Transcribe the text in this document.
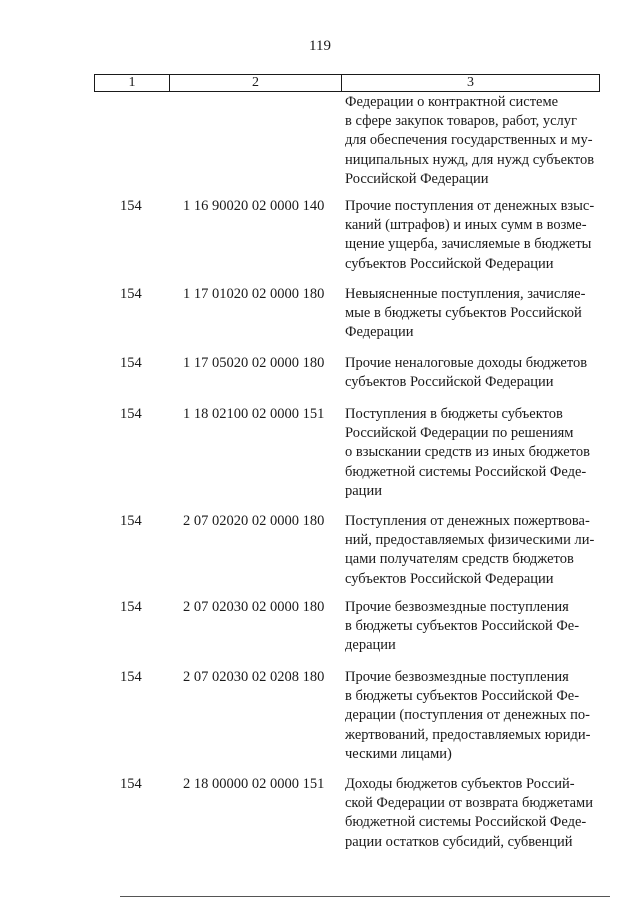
119
1	2	3
Федерации о контрактной системе
в сфере закупок товаров, работ, услуг
для обеспечения государственных и му-
ниципальных нужд, для нужд субъектов
Российской Федерации
154	1 16 90020 02 0000 140	Прочие поступления от денежных взыс-
каний (штрафов) и иных сумм в возме-
щение ущерба, зачисляемые в бюджеты
субъектов Российской Федерации
154	1 17 01020 02 0000 180	Невыясненные поступления, зачисляе-
мые в бюджеты субъектов Российской
Федерации
154	1 17 05020 02 0000 180	Прочие неналоговые доходы бюджетов
субъектов Российской Федерации
154	1 18 02100 02 0000 151	Поступления в бюджеты субъектов
Российской Федерации по решениям
о взыскании средств из иных бюджетов
бюджетной системы Российской Феде-
рации
154	2 07 02020 02 0000 180	Поступления от денежных пожертвова-
ний, предоставляемых физическими ли-
цами получателям средств бюджетов
субъектов Российской Федерации
154	2 07 02030 02 0000 180	Прочие безвозмездные поступления
в бюджеты субъектов Российской Фе-
дерации
154	2 07 02030 02 0208 180	Прочие безвозмездные поступления
в бюджеты субъектов Российской Фе-
дерации (поступления от денежных по-
жертвований, предоставляемых юриди-
ческими лицами)
154	2 18 00000 02 0000 151	Доходы бюджетов субъектов Россий-
ской Федерации от возврата бюджетами
бюджетной системы Российской Феде-
рации остатков субсидий, субвенций
